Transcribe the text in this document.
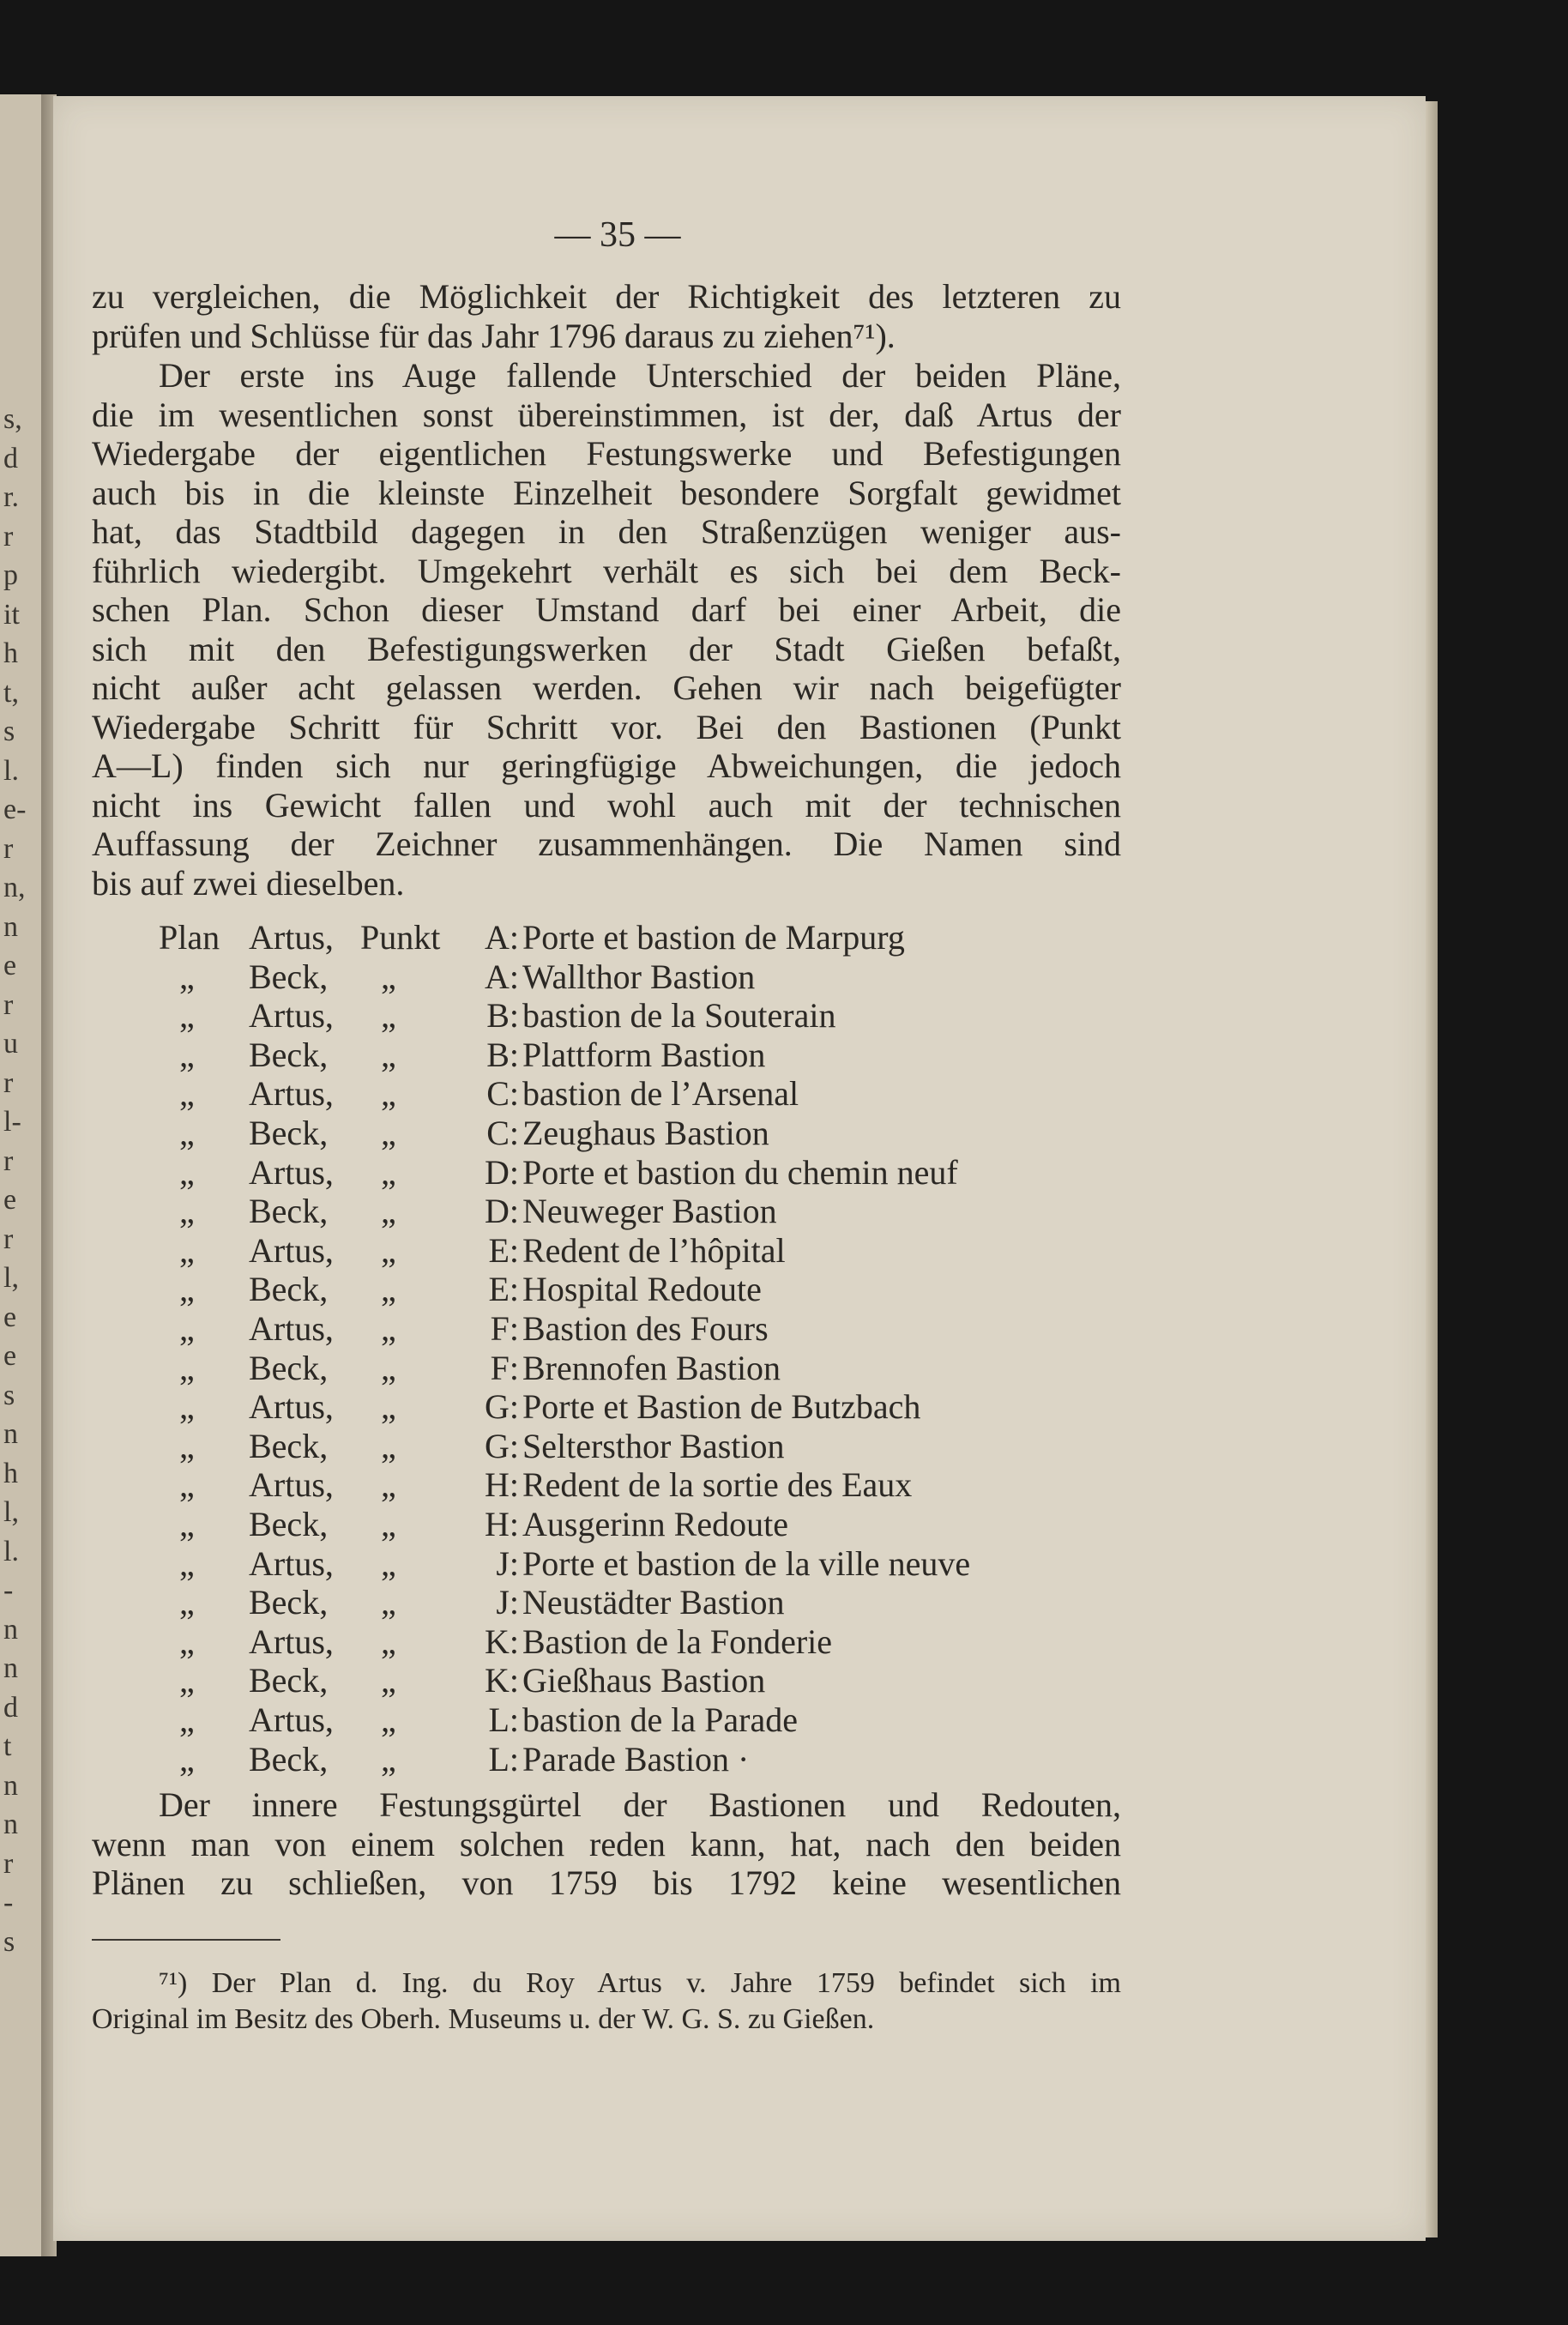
s,
d
r.
r
p
it
h
t,
s
l.
e-
r
n,
n
e
r
u
r
l-
r
e
r
l,
e
e
s
n
h
l,
l.
-
n
n
d
t
n
n
r
-
s
— 35 —
zu vergleichen, die Möglichkeit der Richtigkeit des letzteren zu
prüfen und Schlüsse für das Jahr 1796 daraus zu ziehen⁷¹).
Der erste ins Auge fallende Unterschied der beiden Pläne,
die im wesentlichen sonst übereinstimmen, ist der, daß Artus der
Wiedergabe der eigentlichen Festungswerke und Befestigungen
auch bis in die kleinste Einzelheit besondere Sorgfalt gewidmet
hat, das Stadtbild dagegen in den Straßenzügen weniger aus-
führlich wiedergibt. Umgekehrt verhält es sich bei dem Beck-
schen Plan. Schon dieser Umstand darf bei einer Arbeit, die
sich mit den Befestigungswerken der Stadt Gießen befaßt,
nicht außer acht gelassen werden. Gehen wir nach beigefügter
Wiedergabe Schritt für Schritt vor. Bei den Bastionen (Punkt
A—L) finden sich nur geringfügige Abweichungen, die jedoch
nicht ins Gewicht fallen und wohl auch mit der technischen
Auffassung der Zeichner zusammenhängen. Die Namen sind
bis auf zwei dieselben.
Plan Artus, Punkt	A: Porte et bastion de Marpurg
„ Beck,	„	A: Wallthor Bastion
„ Artus,	„	B: bastion de la Souterain
„ Beck,	„	B: Plattform Bastion
„ Artus,	„	C: bastion de l’Arsenal
„ Beck,	„	C: Zeughaus Bastion
„ Artus,	„	D: Porte et bastion du chemin neuf
„ Beck,	„	D: Neuweger Bastion
„ Artus,	„	E: Redent de l’hôpital
„ Beck,	„	E: Hospital Redoute
„ Artus,	„	F: Bastion des Fours
„ Beck,	„	F: Brennofen Bastion
„ Artus,	„	G: Porte et Bastion de Butzbach
„ Beck,	„	G: Seltersthor Bastion
„ Artus,	„	H: Redent de la sortie des Eaux
„ Beck,	„	H: Ausgerinn Redoute
„ Artus,	„	J: Porte et bastion de la ville neuve
„ Beck,	„	J: Neustädter Bastion
„ Artus,	„	K: Bastion de la Fonderie
„ Beck,	„	K: Gießhaus Bastion
„ Artus,	„	L: bastion de la Parade
„ Beck,	„	L: Parade Bastion ·
Der innere Festungsgürtel der Bastionen und Redouten,
wenn man von einem solchen reden kann, hat, nach den beiden
Plänen zu schließen, von 1759 bis 1792 keine wesentlichen
⁷¹) Der Plan d. Ing. du Roy Artus v. Jahre 1759 befindet sich im
Original im Besitz des Oberh. Museums u. der W. G. S. zu Gießen.
